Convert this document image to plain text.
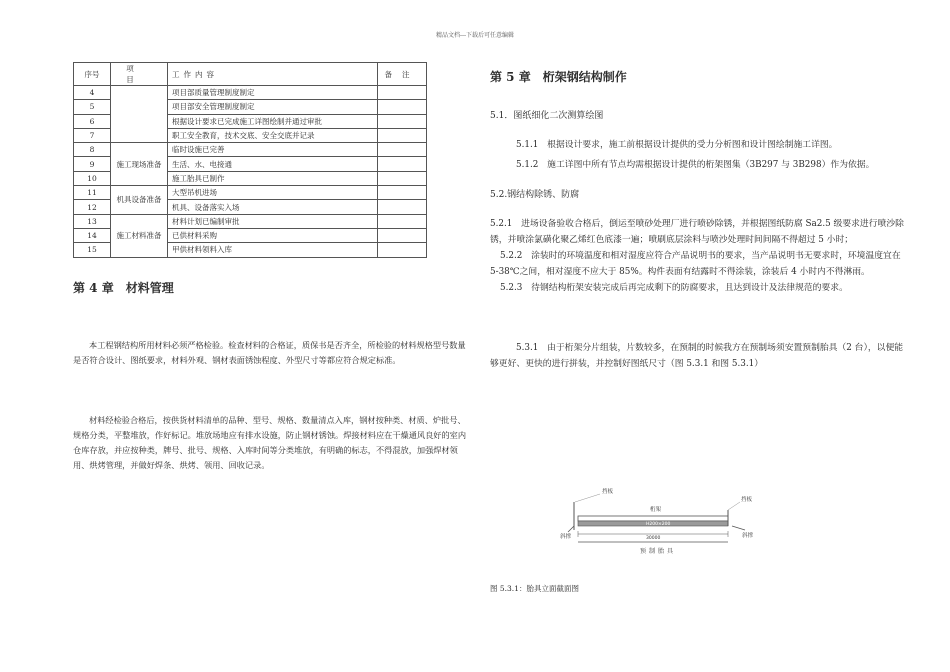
精品文档---下载后可任意编辑
序号	项目	工作内容	备注
4		项目部质量管理制度制定	
5		项目部安全管理制度制定	
6		根据设计要求已完成施工详图绘制并通过审批	
7		职工安全教育，技术交底、安全交底并记录	
8	施工现场准备	临时设施已完善	
9		生活、水、电接通	
10		施工胎具已制作	
11	机具设备准备	大型吊机进场	
12		机具、设备落实入场	
13	施工材料准备	材料计划已编制审批	
14		已供材料采购	
15		甲供材料领料入库	
第 4 章 材料管理

本工程钢结构所用材料必须严格检验。检查材料的合格证，质保书是否齐全，所检验的材料规格型号数量是否符合设计、图纸要求，材料外观、钢材表面锈蚀程度、外型尺寸等都应符合规定标准。

材料经检验合格后，按供货材料清单的品种、型号、规格、数量清点入库，钢材按种类、材质、炉批号、规格分类，平整堆放，作好标记。堆放场地应有排水设施，防止钢材锈蚀。焊接材料应在干燥通风良好的室内仓库存放，并应按种类，牌号、批号、规格、入库时间等分类堆放，有明确的标志，不得混放，加强焊材领用、烘烤管理，并做好焊条、烘烤、领用、回收记录。

第 5 章 桁架钢结构制作

5.1．图纸细化二次测算绘图

5.1.1　根据设计要求，施工前根据设计提供的受力分析图和设计图绘制施工详图。

5.1.2　施工详图中所有节点均需根据设计提供的桁架图集（3B297 与 3B298）作为依据。

5.2.钢结构除锈、防腐

5.2.1　进场设备验收合格后，倒运至喷砂处理厂进行喷砂除锈，并根据图纸防腐 Sa2.5 级要求进行喷沙除锈，并喷涂氯磺化聚乙烯红色底漆一遍；喷刷底层涂料与喷沙处理时间间隔不得超过 5 小时；

5.2.2　涂装时的环境温度和相对湿度应符合产品说明书的要求，当产品说明书无要求时，环境温度宜在 5-38℃之间，相对湿度不应大于 85%。构件表面有结露时不得涂装，涂装后 4 小时内不得淋雨。

5.2.3　待钢结构桁架安装完成后再完成剩下的防腐要求，且达到设计及法律规范的要求。

5.3.1　由于桁架分片组装，片数较多，在预制的时候我方在预制场须安置预制胎具（2 台），以便能够更好、更快的进行拼装，并控制好图纸尺寸（图 5.3.1 和图 5.3.1）

挡板
桁架
挡板
斜撑
H200×200
斜撑
30000
预制胎具
图 5.3.1：胎具立面截面图
